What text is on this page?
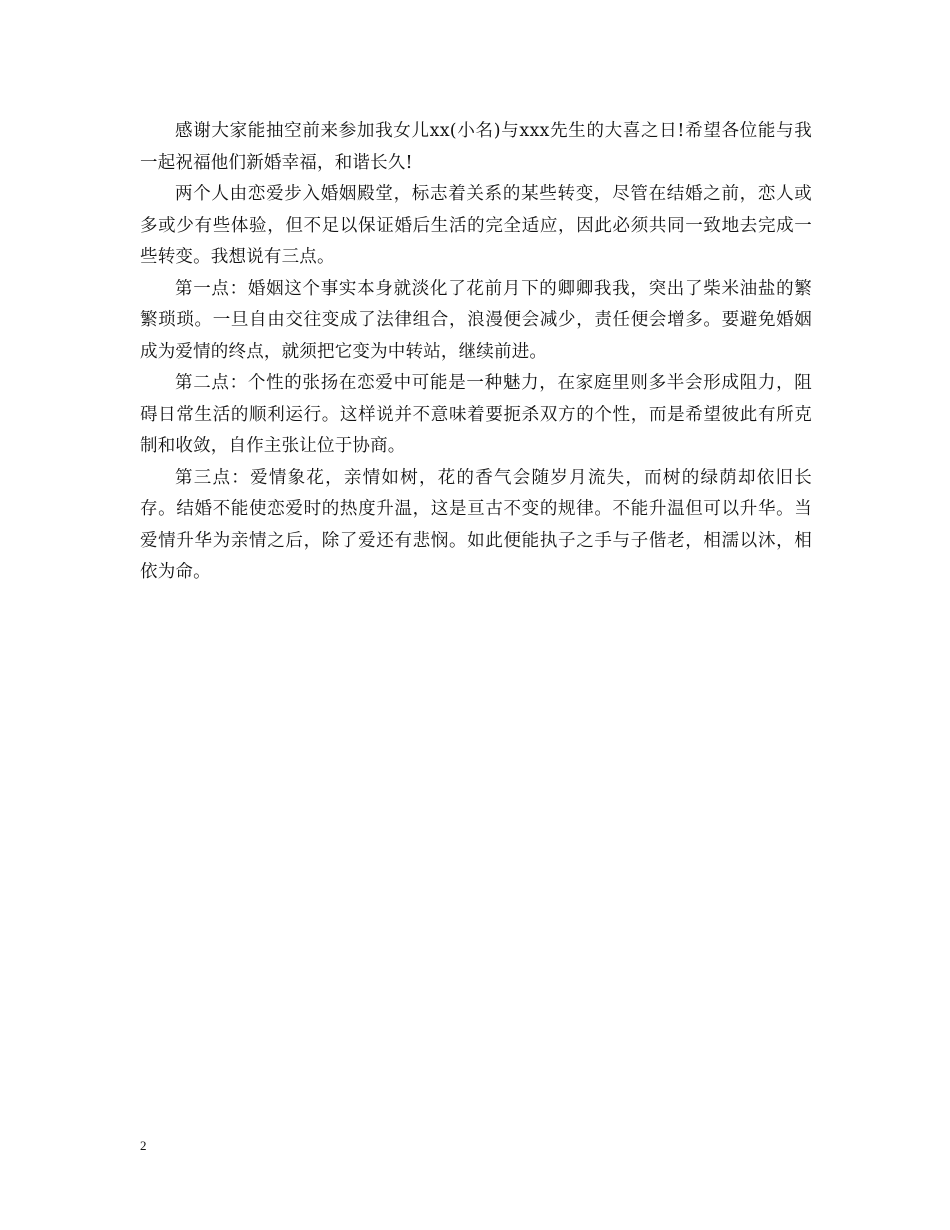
感谢大家能抽空前来参加我女儿xx(小名)与xxx先生的大喜之日!希望各位能与我一起祝福他们新婚幸福，和谐长久!

两个人由恋爱步入婚姻殿堂，标志着关系的某些转变，尽管在结婚之前，恋人或多或少有些体验，但不足以保证婚后生活的完全适应，因此必须共同一致地去完成一些转变。我想说有三点。

第一点：婚姻这个事实本身就淡化了花前月下的卿卿我我，突出了柴米油盐的繁繁琐琐。一旦自由交往变成了法律组合，浪漫便会减少，责任便会增多。要避免婚姻成为爱情的终点，就须把它变为中转站，继续前进。

第二点：个性的张扬在恋爱中可能是一种魅力，在家庭里则多半会形成阻力，阻碍日常生活的顺利运行。这样说并不意味着要扼杀双方的个性，而是希望彼此有所克制和收敛，自作主张让位于协商。

第三点：爱情象花，亲情如树，花的香气会随岁月流失，而树的绿荫却依旧长存。结婚不能使恋爱时的热度升温，这是亘古不变的规律。不能升温但可以升华。当爱情升华为亲情之后，除了爱还有悲悯。如此便能执子之手与子偕老，相濡以沐，相依为命。

2
